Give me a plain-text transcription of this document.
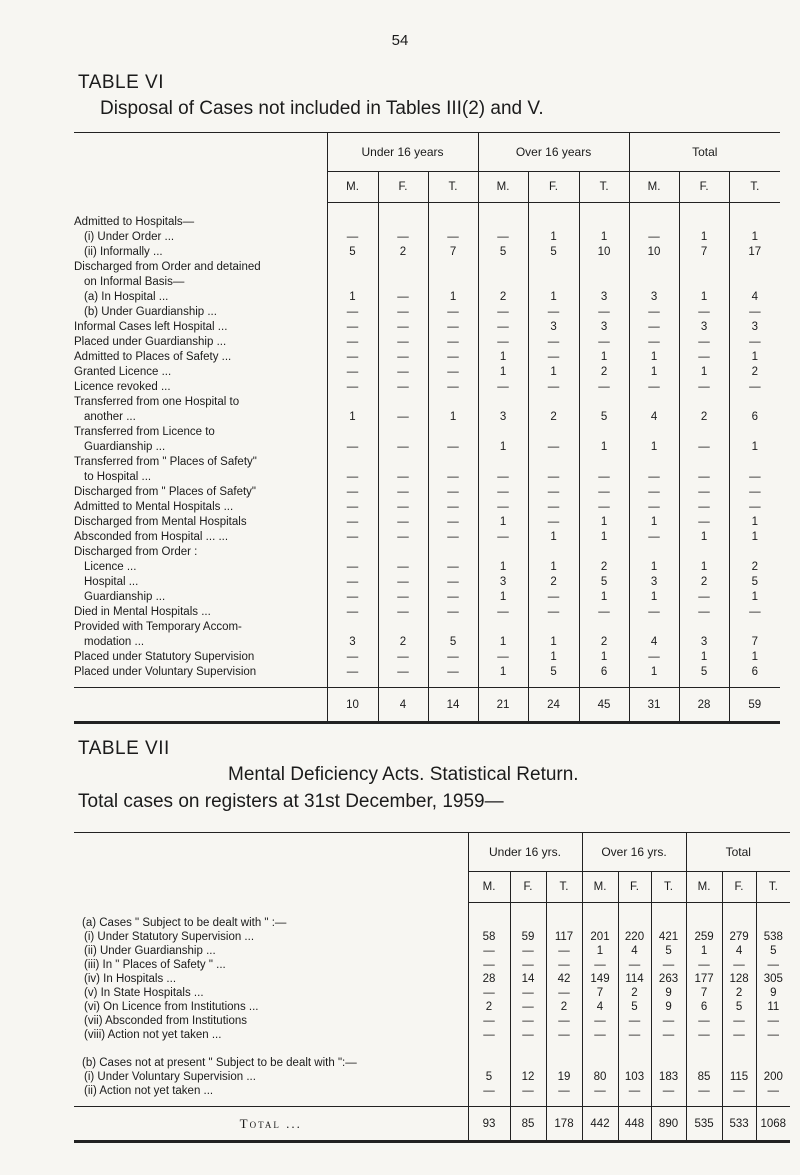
54
TABLE VI
Disposal of Cases not included in Tables III(2) and V.
	Under 16 years			Over 16 years			Total		
	M.	F.	T.	M.	F.	T.	M.	F.	T.
Admitted to Hospitals—									
(i) Under Order ...	—	—	—	—	1	1	—	1	1
(ii) Informally ...	5	2	7	5	5	10	10	7	17
Discharged from Order and detained									
on Informal Basis—									
(a) In Hospital ...	1	—	1	2	1	3	3	1	4
(b) Under Guardianship ...	—	—	—	—	—	—	—	—	—
Informal Cases left Hospital ...	—	—	—	—	3	3	—	3	3
Placed under Guardianship ...	—	—	—	—	—	—	—	—	—
Admitted to Places of Safety ...	—	—	—	1	—	1	1	—	1
Granted Licence ...	—	—	—	1	1	2	1	1	2
Licence revoked ...	—	—	—	—	—	—	—	—	—
Transferred from one Hospital to									
another ...	1	—	1	3	2	5	4	2	6
Transferred from Licence to									
Guardianship ...	—	—	—	1	—	1	1	—	1
Transferred from " Places of Safety"									
to Hospital ...	—	—	—	—	—	—	—	—	—
Discharged from " Places of Safety"	—	—	—	—	—	—	—	—	—
Admitted to Mental Hospitals ...	—	—	—	—	—	—	—	—	—
Discharged from Mental Hospitals	—	—	—	1	—	1	1	—	1
Absconded from Hospital ... ...	—	—	—	—	1	1	—	1	1
Discharged from Order :									
Licence ...	—	—	—	1	1	2	1	1	2
Hospital ...	—	—	—	3	2	5	3	2	5
Guardianship ...	—	—	—	1	—	1	1	—	1
Died in Mental Hospitals ...	—	—	—	—	—	—	—	—	—
Provided with Temporary Accom-									
modation ...	3	2	5	1	1	2	4	3	7
Placed under Statutory Supervision	—	—	—	—	1	1	—	1	1
Placed under Voluntary Supervision	—	—	—	1	5	6	1	5	6

	10	4	14	21	24	45	31	28	59
TABLE VII
Mental Deficiency Acts. Statistical Return.
Total cases on registers at 31st December, 1959—
	Under 16 yrs.			Over 16 yrs.			Total		
	M.	F.	T.	M.	F.	T.	M.	F.	T.
(a) Cases " Subject to be dealt with " :—									
(i) Under Statutory Supervision ...	58	59	117	201	220	421	259	279	538
(ii) Under Guardianship ...	—	—	—	1	4	5	1	4	5
(iii) In " Places of Safety " ...	—	—	—	—	—	—	—	—	—
(iv) In Hospitals ...	28	14	42	149	114	263	177	128	305
(v) In State Hospitals ...	—	—	—	7	2	9	7	2	9
(vi) On Licence from Institutions ...	2	—	2	4	5	9	6	5	11
(vii) Absconded from Institutions	—	—	—	—	—	—	—	—	—
(viii) Action not yet taken ...	—	—	—	—	—	—	—	—	—

(b) Cases not at present " Subject to be dealt with ":—									
(i) Under Voluntary Supervision ...	5	12	19	80	103	183	85	115	200
(ii) Action not yet taken ...	—	—	—	—	—	—	—	—	—

Total ...	93	85	178	442	448	890	535	533	1068
